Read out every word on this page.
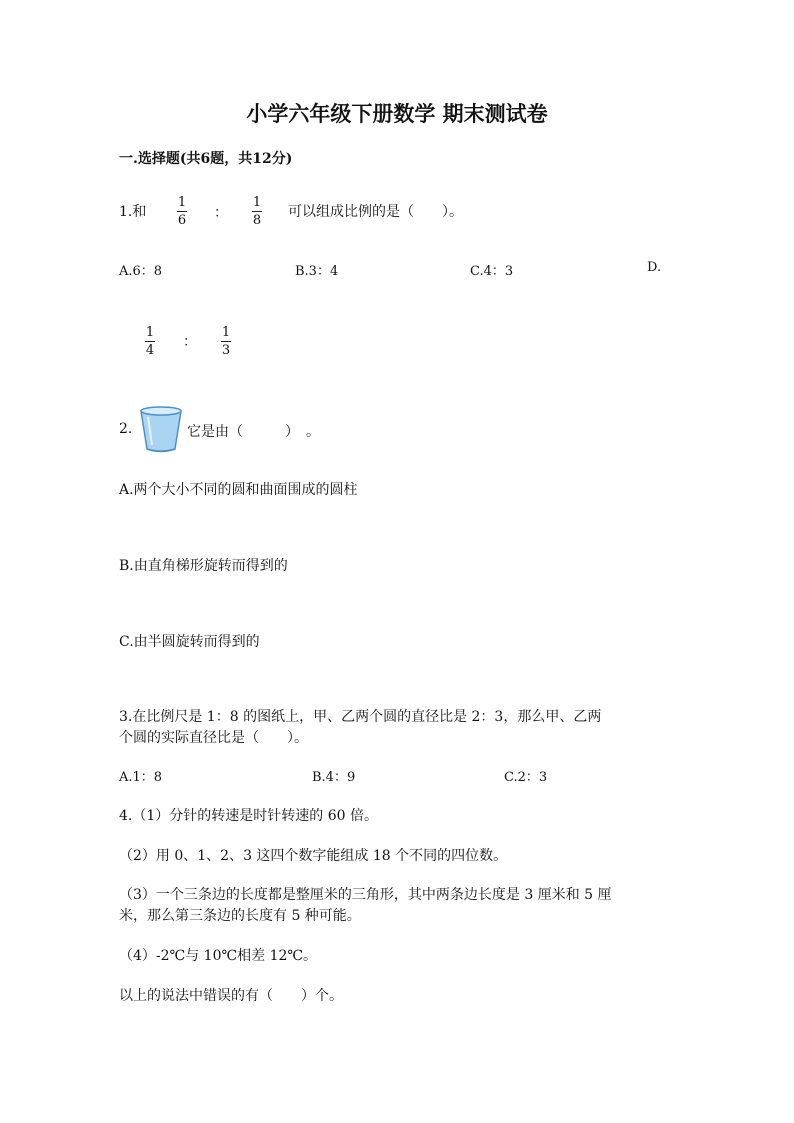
小学六年级下册数学 期末测试卷
一.选择题(共6题，共12分)
1.和
1
6 ：
1
8
可以组成比例的是（　　）。
A.6：8	B.3：4	C.4：3	D.
1
4
：
1
3
2.	它是由（　　　）　。
A.两个大小不同的圆和曲面围成的圆柱
B.由直角梯形旋转而得到的
C.由半圆旋转而得到的
3.在比例尺是 1：8 的图纸上，甲、乙两个圆的直径比是 2：3，那么甲、乙两
个圆的实际直径比是（　　）。
A.1：8	B.4：9	C.2：3
4.（1）分针的转速是时针转速的 60 倍。
（2）用 0、1、2、3 这四个数字能组成 18 个不同的四位数。
（3）一个三条边的长度都是整厘米的三角形，其中两条边长度是 3 厘米和 5 厘
米，那么第三条边的长度有 5 种可能。
（4）-2℃与 10℃相差 12℃。
以上的说法中错误的有（　　）个。
